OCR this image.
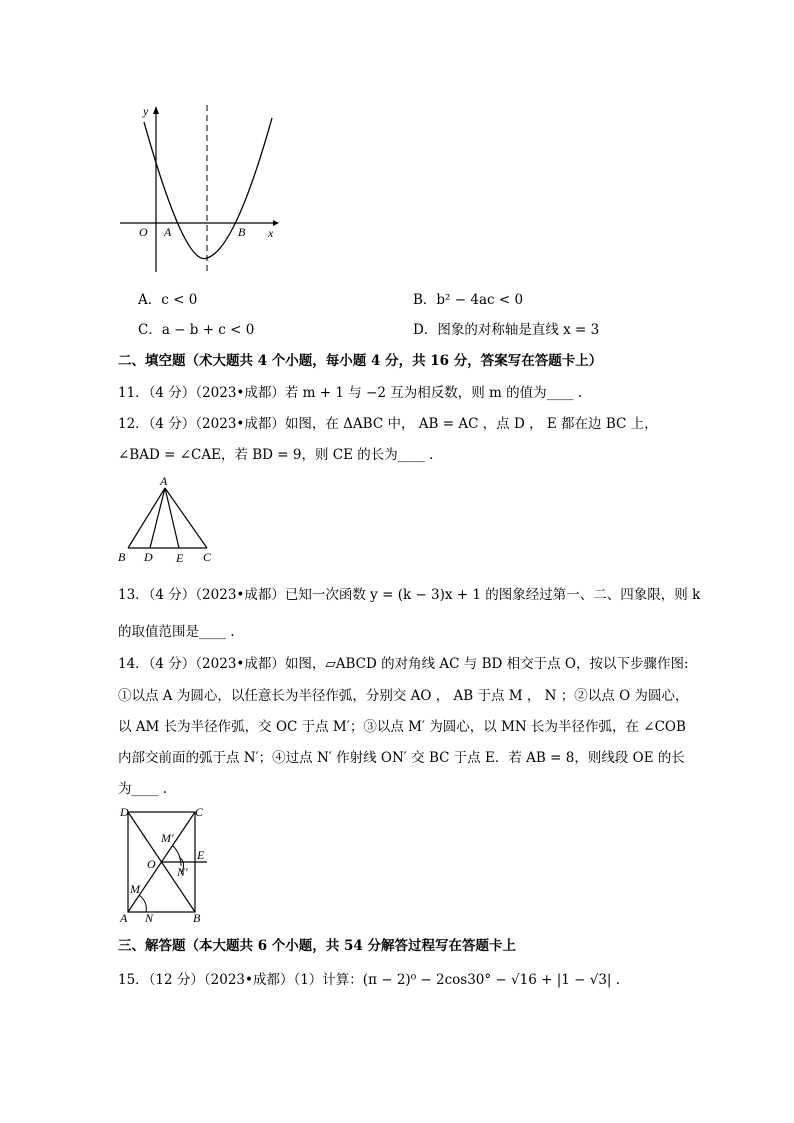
y
x
O A	B
A．c < 0	B．b² − 4ac < 0
C．a − b + c < 0	D．图象的对称轴是直线 x = 3
二、填空题（术大题共 4 个小题，每小题 4 分，共 16 分，答案写在答题卡上）
11．（4 分）（2023•成都）若 m + 1 与 −2 互为相反数，则 m 的值为____ .
12．（4 分）（2023•成都）如图，在 ΔABC 中， AB = AC ，点 D ， E 都在边 BC 上，
∠BAD = ∠CAE，若 BD = 9，则 CE 的长为____ .
A
B D E C
13．（4 分）（2023•成都）已知一次函数 y = (k − 3)x + 1 的图象经过第一、二、四象限，则 k
的取值范围是____ .
14．（4 分）（2023•成都）如图，▱ABCD 的对角线 AC 与 BD 相交于点 O，按以下步骤作图:
①以点 A 为圆心，以任意长为半径作弧，分别交 AO ， AB 于点 M ， N ；②以点 O 为圆心，
以 AM 长为半径作弧，交 OC 于点 M′；③以点 M′ 为圆心，以 MN 长为半径作弧，在 ∠COB
内部交前面的弧于点 N′；④过点 N′ 作射线 ON′ 交 BC 于点 E．若 AB = 8，则线段 OE 的长
为____ .
D	C
M′
O
E
N′
M
A N	B
三、解答题（本大题共 6 个小题，共 54 分解答过程写在答题卡上
15．（12 分）（2023•成都）（1）计算：(π − 2)⁰ − 2cos30° − √16 + |1 − √3| .
